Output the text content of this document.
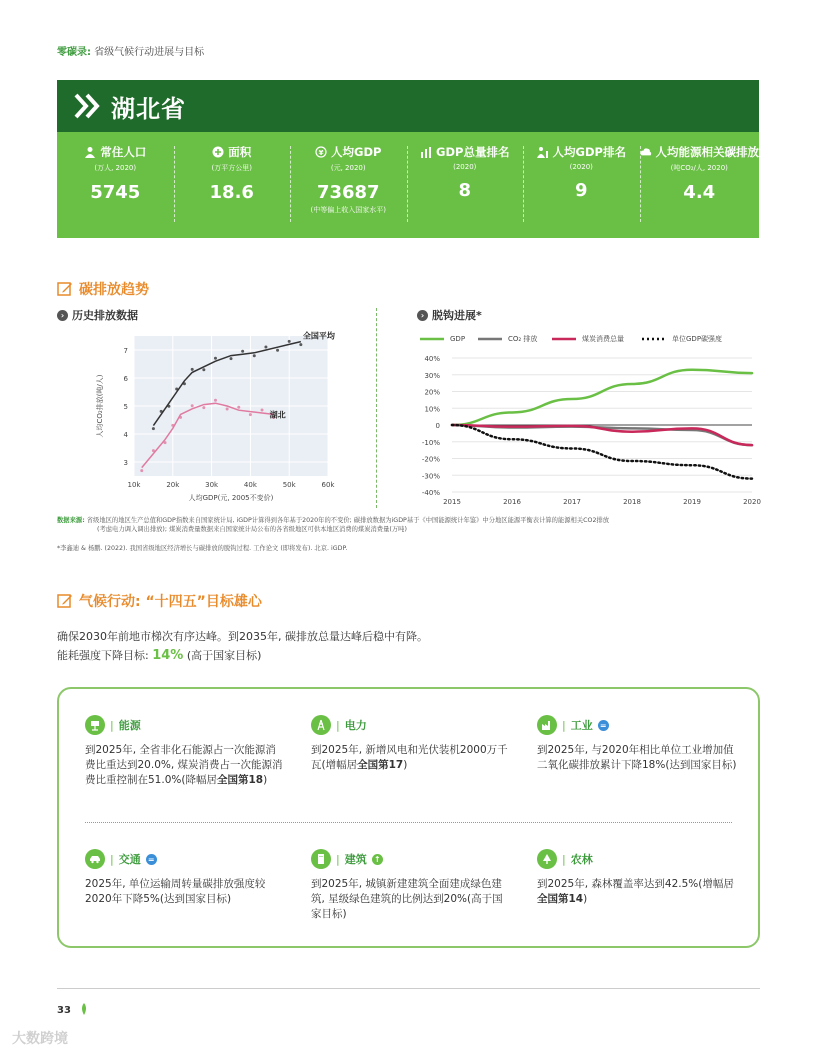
零碳录: 省级气候行动进展与目标
湖北省
常住人口
(万人, 2020)
5745
面积
(万平方公里)
18.6
¥ 人均GDP
(元, 2020)
73687
(中等偏上收入国家水平)
GDP总量排名
(2020)
8
人均GDP排名
(2020)
9
人均能源相关碳排放
(吨CO₂/人, 2020)
4.4
碳排放趋势
› 历史排放数据	› 脱钩进展*
3
4
5
6
7
10k	20k	30k	40k	50k	60k
人均GDP(元, 2005不变价)
人均CO₂排放(吨/人)
全国平均
湖北
40%
30%
20%
10%
0
-10%
-20%
-30%
-40%
2015	2016	2017	2018	2019	2020
GDP	CO₂ 排放	煤炭消费总量	单位GDP碳强度
数据来源: 省级地区的地区生产总值和GDP指数来自国家统计局, iGDP计算得到各年基于2020年的不变价; 碳排放数据为iGDP基于《中国能源统计年鉴》中分地区能源平衡表计算的能源相关CO2排放
(考虑电力调入调出排放); 煤炭消费量数据来自国家统计局公布的各省级地区可供本地区消费的煤炭消费量(万吨)
*李鑫迪 & 杨鹏. (2022). 我国省级地区经济增长与碳排放的脱钩过程. 工作论文 (即将发布). 北京. iGDP.
气候行动: “十四五”目标雄心
确保2030年前地市梯次有序达峰。到2035年, 碳排放总量达峰后稳中有降。
能耗强度下降目标: 14% (高于国家目标)
| 能源
到2025年, 全省非化石能源占一次能源消费比重达到20.0%, 煤炭消费占一次能源消费比重控制在51.0%(降幅居全国第18)
| 电力
到2025年, 新增风电和光伏装机2000万千瓦(增幅居全国第17)
| 工业 =
到2025年, 与2020年相比单位工业增加值二氧化碳排放累计下降18%(达到国家目标)
| 交通 =
2025年, 单位运输周转量碳排放强度较2020年下降5%(达到国家目标)
| 建筑 ↑
到2025年, 城镇新建建筑全面建成绿色建筑, 星级绿色建筑的比例达到20%(高于国家目标)
| 农林
到2025年, 森林覆盖率达到42.5%(增幅居全国第14)
33
大数跨境
